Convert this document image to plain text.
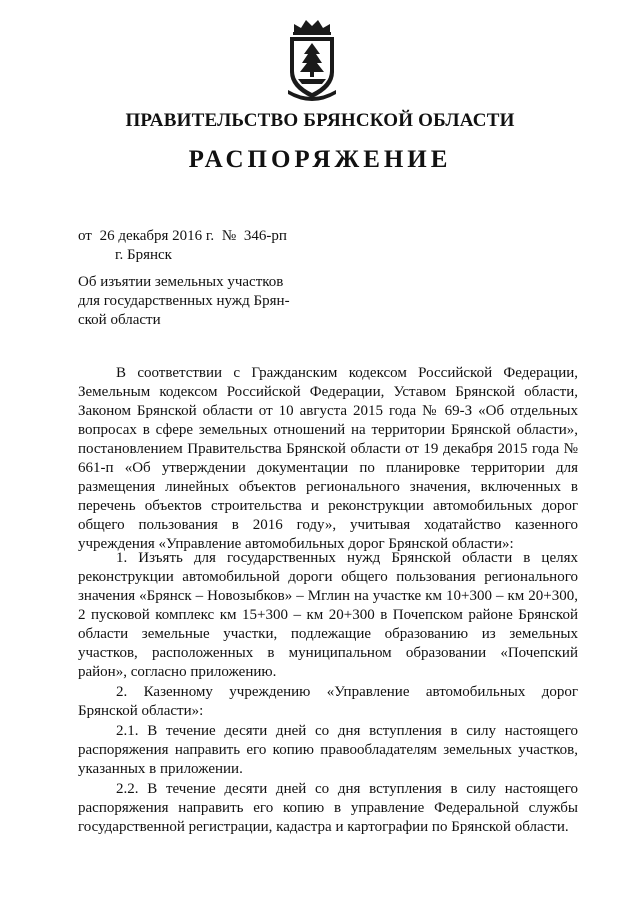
ПРАВИТЕЛЬСТВО БРЯНСКОЙ ОБЛАСТИ
РАСПОРЯЖЕНИЕ
от 26 декабря 2016 г. № 346-рп
г. Брянск
Об изъятии земельных участков
для государственных нужд Брян-
ской области

В соответствии с Гражданским кодексом Российской Федерации, Земельным кодексом Российской Федерации, Уставом Брянской области, Законом Брянской области от 10 августа 2015 года № 69-З «Об отдельных вопросах в сфере земельных отношений на территории Брянской области», постановлением Правительства Брянской области от 19 декабря 2015 года № 661-п «Об утверждении документации по планировке территории для размещения линейных объектов регионального значения, включенных в перечень объектов строительства и реконструкции автомобильных дорог общего пользования в 2016 году», учитывая ходатайство казенного учреждения «Управление автомобильных дорог Брянской области»:

1. Изъять для государственных нужд Брянской области в целях реконструкции автомобильной дороги общего пользования регионального значения «Брянск – Новозыбков» – Мглин на участке км 10+300 – км 20+300, 2 пусковой комплекс км 15+300 – км 20+300 в Почепском районе Брянской области земельные участки, подлежащие образованию из земельных участков, расположенных в муниципальном образовании «Почепский район», согласно приложению.

2. Казенному учреждению «Управление автомобильных дорог Брянской области»:

2.1. В течение десяти дней со дня вступления в силу настоящего распоряжения направить его копию правообладателям земельных участков, указанных в приложении.

2.2. В течение десяти дней со дня вступления в силу настоящего распоряжения направить его копию в управление Федеральной службы государственной регистрации, кадастра и картографии по Брянской области.
